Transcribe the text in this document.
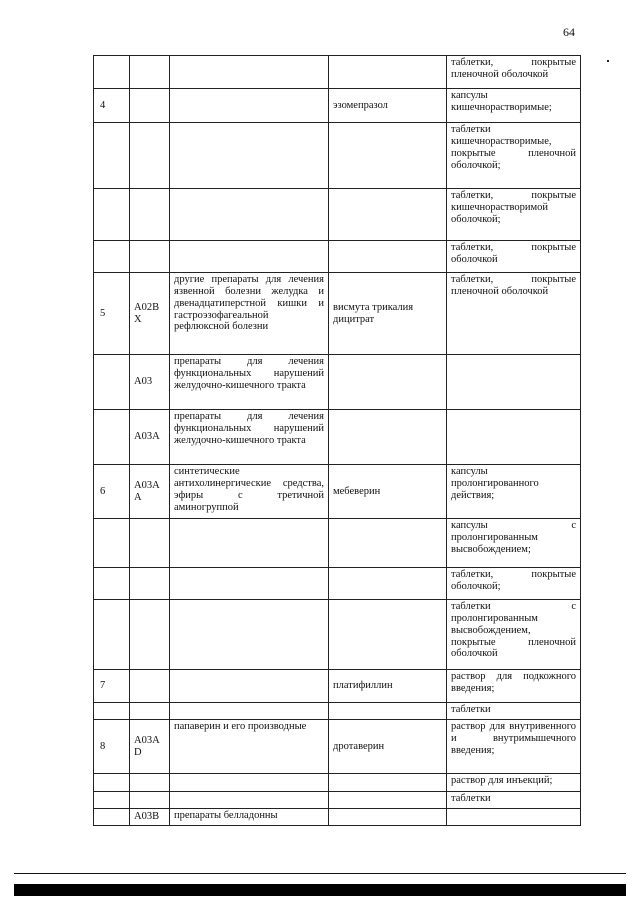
64
				таблетки, покрытые пленочной оболочкой
4			эзомепразол	капсулы кишечнорастворимые;
				таблетки кишечнорастворимые, покрытые пленочной оболочкой;
				таблетки, покрытые кишечнорастворимой оболочкой;
				таблетки, покрытые оболочкой
5	A02B X	другие препараты для лечения язвенной болезни желудка и двенадцатиперстной кишки и гастроэзофагеальной рефлюксной болезни	висмута трикалия дицитрат	таблетки, покрытые пленочной оболочкой
	A03	препараты для лечения функциональных нарушений желудочно-кишечного тракта		
	A03A	препараты для лечения функциональных нарушений желудочно-кишечного тракта		
6	A03A A	синтетические антихолинергические средства, эфиры с третичной аминогруппой	мебеверин	капсулы пролонгированного действия;
				капсулы с пролонгированным высвобождением;
				таблетки, покрытые оболочкой;
				таблетки с пролонгированным высвобождением, покрытые пленочной оболочкой
7			платифиллин	раствор для подкожного введения;
				таблетки
8	A03A D	папаверин и его производные	дротаверин	раствор для внутривенного и внутримышечного введения;
				раствор для инъекций;
				таблетки
	A03B	препараты белладонны		
